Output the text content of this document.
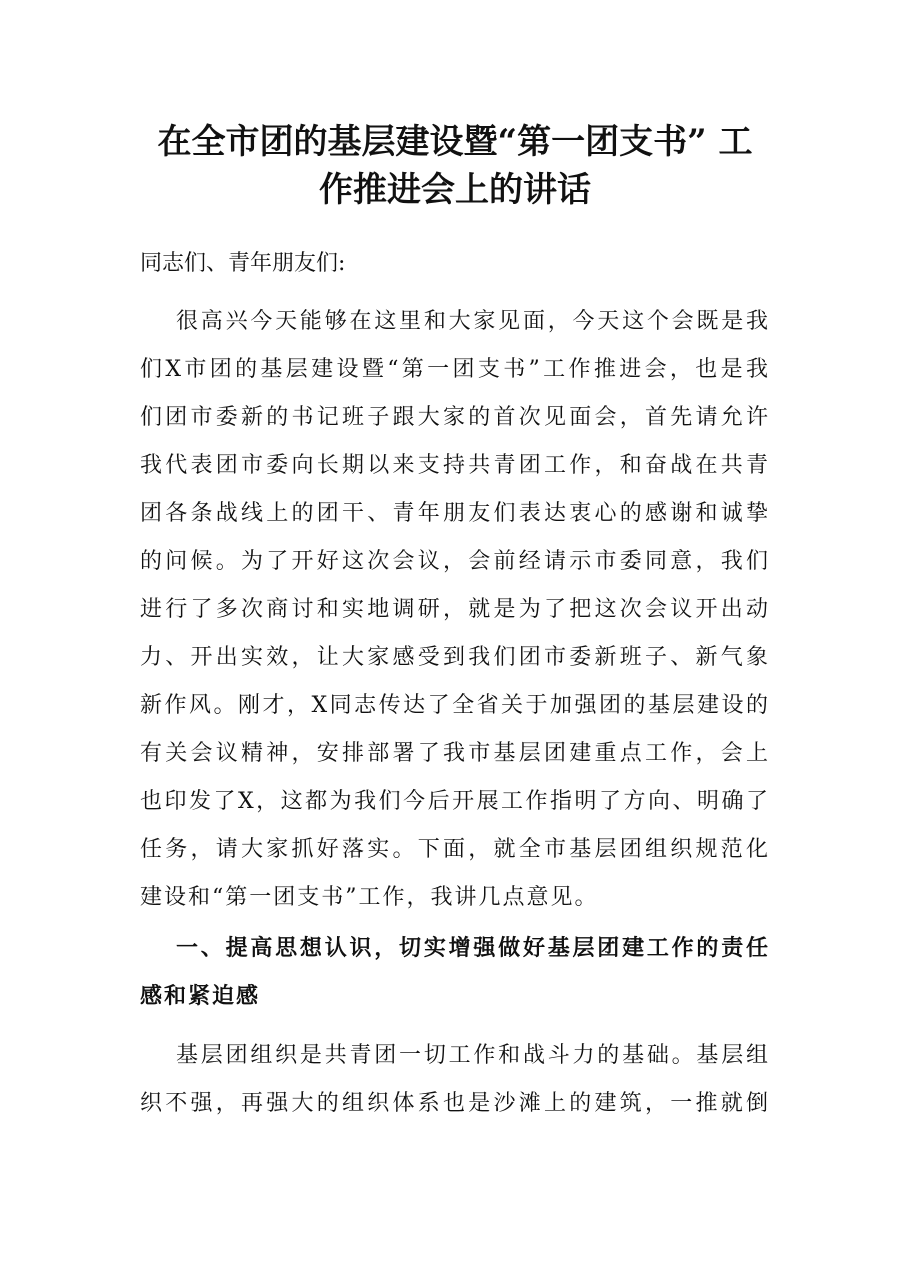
在全市团的基层建设暨“第一团支书” 工
作推进会上的讲话

同志们、青年朋友们:

很高兴今天能够在这里和大家见面，今天这个会既是我
们X市团的基层建设暨“第一团支书”工作推进会，也是我
们团市委新的书记班子跟大家的首次见面会，首先请允许
我代表团市委向长期以来支持共青团工作，和奋战在共青
团各条战线上的团干、青年朋友们表达衷心的感谢和诚挚
的问候。为了开好这次会议，会前经请示市委同意，我们
进行了多次商讨和实地调研，就是为了把这次会议开出动
力、开出实效，让大家感受到我们团市委新班子、新气象
新作风。刚才，X同志传达了全省关于加强团的基层建设的
有关会议精神，安排部署了我市基层团建重点工作，会上
也印发了X，这都为我们今后开展工作指明了方向、明确了
任务，请大家抓好落实。下面，就全市基层团组织规范化
建设和“第一团支书”工作，我讲几点意见。
一、提高思想认识，切实增强做好基层团建工作的责任
感和紧迫感
基层团组织是共青团一切工作和战斗力的基础。基层组
织不强，再强大的组织体系也是沙滩上的建筑，一推就倒
